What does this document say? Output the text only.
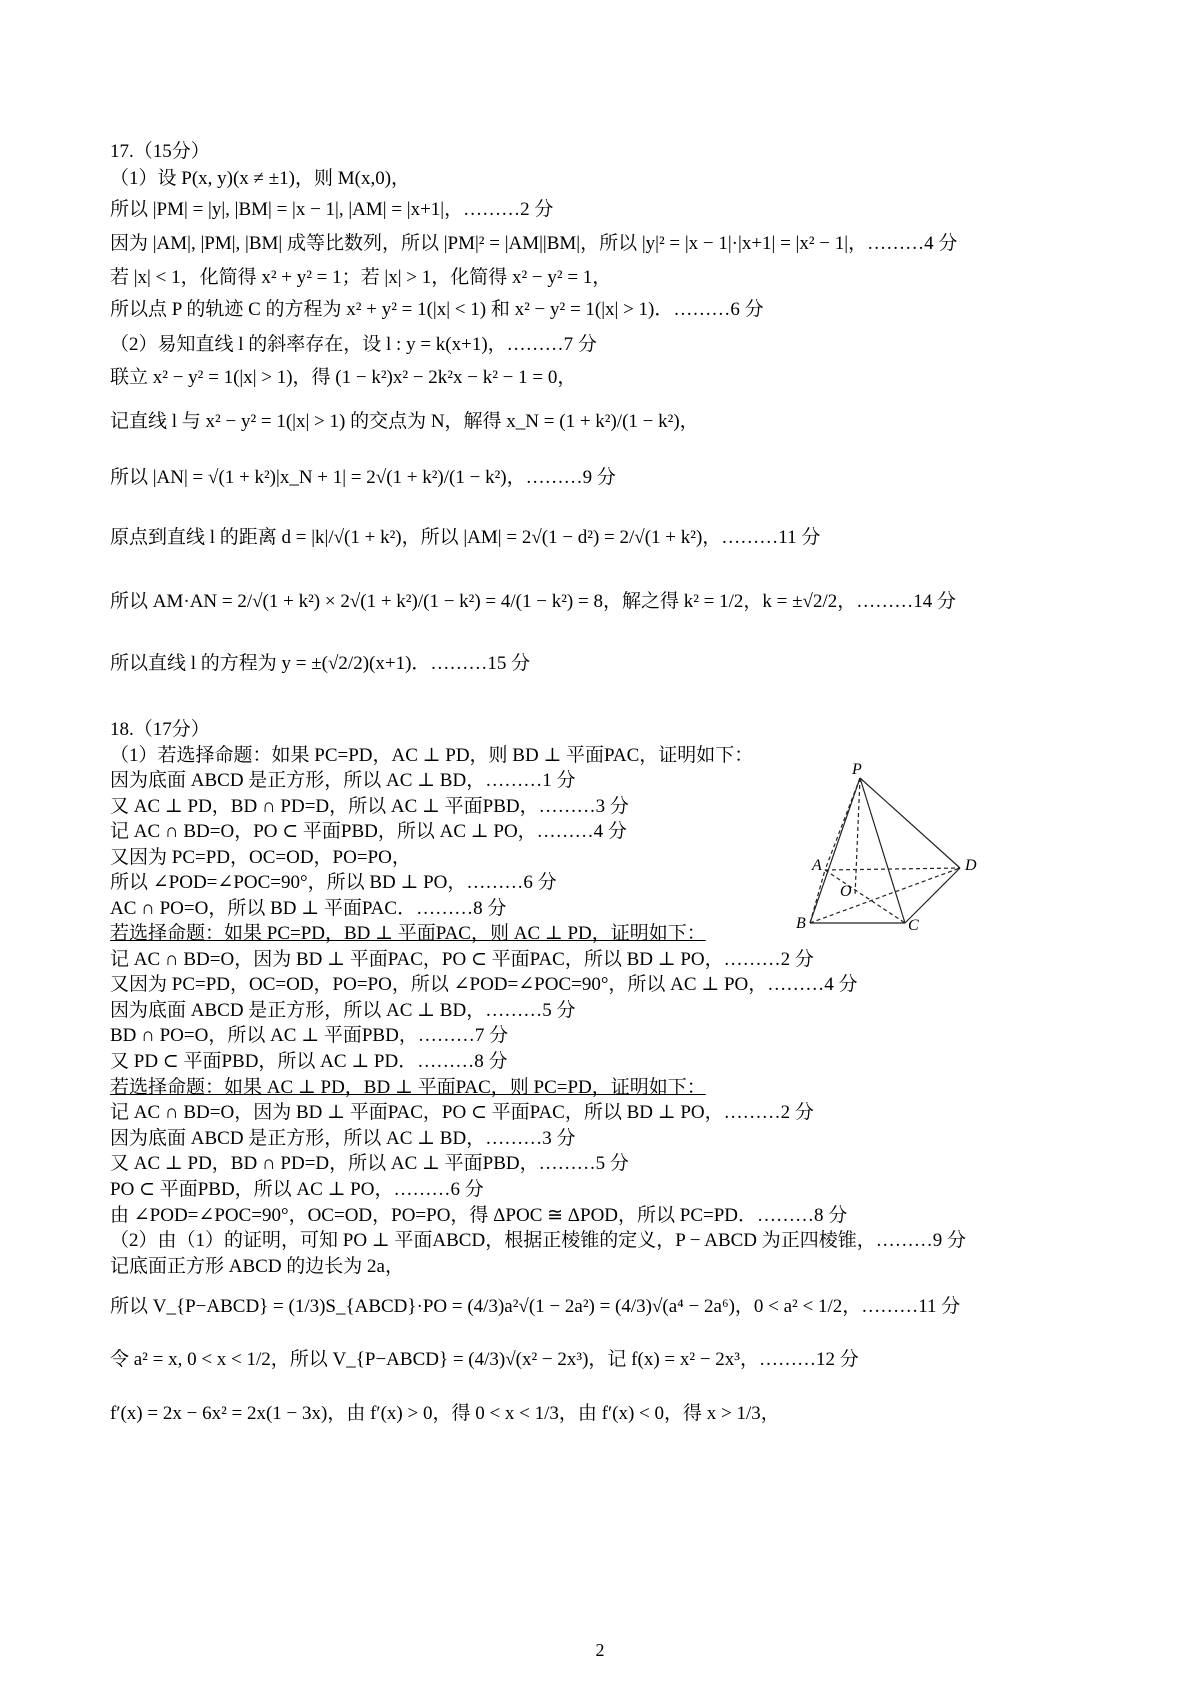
17.（15分）
（1）设 P(x, y)(x ≠ ±1)，则 M(x,0)，
所以 |PM| = |y|, |BM| = |x − 1|, |AM| = |x+1|，………2 分
因为 |AM|, |PM|, |BM| 成等比数列，所以 |PM|² = |AM||BM|，所以 |y|² = |x − 1|·|x+1| = |x² − 1|，………4 分
若 |x| < 1，化简得 x² + y² = 1；若 |x| > 1，化简得 x² − y² = 1，
所以点 P 的轨迹 C 的方程为 x² + y² = 1(|x| < 1) 和 x² − y² = 1(|x| > 1)．………6 分
（2）易知直线 l 的斜率存在，设 l : y = k(x+1)，………7 分
联立 x² − y² = 1(|x| > 1)，得 (1 − k²)x² − 2k²x − k² − 1 = 0，
记直线 l 与 x² − y² = 1(|x| > 1) 的交点为 N，解得 x_N = (1 + k²)/(1 − k²)，
所以 |AN| = √(1 + k²)|x_N + 1| = 2√(1 + k²)/(1 − k²)，………9 分
原点到直线 l 的距离 d = |k|/√(1 + k²)，所以 |AM| = 2√(1 − d²) = 2/√(1 + k²)，………11 分
所以 AM·AN = 2/√(1 + k²) × 2√(1 + k²)/(1 − k²) = 4/(1 − k²) = 8，解之得 k² = 1/2，k = ±√2/2，………14 分
所以直线 l 的方程为 y = ±(√2/2)(x+1)．………15 分
18.（17分）
（1）若选择命题：如果 PC=PD，AC ⊥ PD，则 BD ⊥ 平面PAC，证明如下：
因为底面 ABCD 是正方形，所以 AC ⊥ BD，………1 分
又 AC ⊥ PD，BD ∩ PD=D，所以 AC ⊥ 平面PBD，………3 分
记 AC ∩ BD=O，PO ⊂ 平面PBD，所以 AC ⊥ PO，………4 分
又因为 PC=PD，OC=OD，PO=PO，
所以 ∠POD=∠POC=90°，所以 BD ⊥ PO，………6 分
AC ∩ PO=O，所以 BD ⊥ 平面PAC．………8 分
若选择命题：如果 PC=PD，BD ⊥ 平面PAC，则 AC ⊥ PD，证明如下：
记 AC ∩ BD=O，因为 BD ⊥ 平面PAC，PO ⊂ 平面PAC，所以 BD ⊥ PO，………2 分
又因为 PC=PD，OC=OD，PO=PO，所以 ∠POD=∠POC=90°，所以 AC ⊥ PO，………4 分
因为底面 ABCD 是正方形，所以 AC ⊥ BD，………5 分
BD ∩ PO=O，所以 AC ⊥ 平面PBD，………7 分
又 PD ⊂ 平面PBD，所以 AC ⊥ PD．………8 分
若选择命题：如果 AC ⊥ PD，BD ⊥ 平面PAC，则 PC=PD，证明如下：
记 AC ∩ BD=O，因为 BD ⊥ 平面PAC，PO ⊂ 平面PAC，所以 BD ⊥ PO，………2 分
因为底面 ABCD 是正方形，所以 AC ⊥ BD，………3 分
又 AC ⊥ PD，BD ∩ PD=D，所以 AC ⊥ 平面PBD，………5 分
PO ⊂ 平面PBD，所以 AC ⊥ PO，………6 分
由 ∠POD=∠POC=90°，OC=OD，PO=PO，得 ΔPOC ≅ ΔPOD，所以 PC=PD．………8 分
（2）由（1）的证明，可知 PO ⊥ 平面ABCD，根据正棱锥的定义，P − ABCD 为正四棱锥，………9 分
记底面正方形 ABCD 的边长为 2a，
所以 V_{P−ABCD} = (1/3)S_{ABCD}·PO = (4/3)a²√(1 − 2a²) = (4/3)√(a⁴ − 2a⁶)，0 < a² < 1/2，………11 分
令 a² = x, 0 < x < 1/2，所以 V_{P−ABCD} = (4/3)√(x² − 2x³)，记 f(x) = x² − 2x³，………12 分
f′(x) = 2x − 6x² = 2x(1 − 3x)，由 f′(x) > 0，得 0 < x < 1/3，由 f′(x) < 0，得 x > 1/3，
P
A
O
B	C
D
2
